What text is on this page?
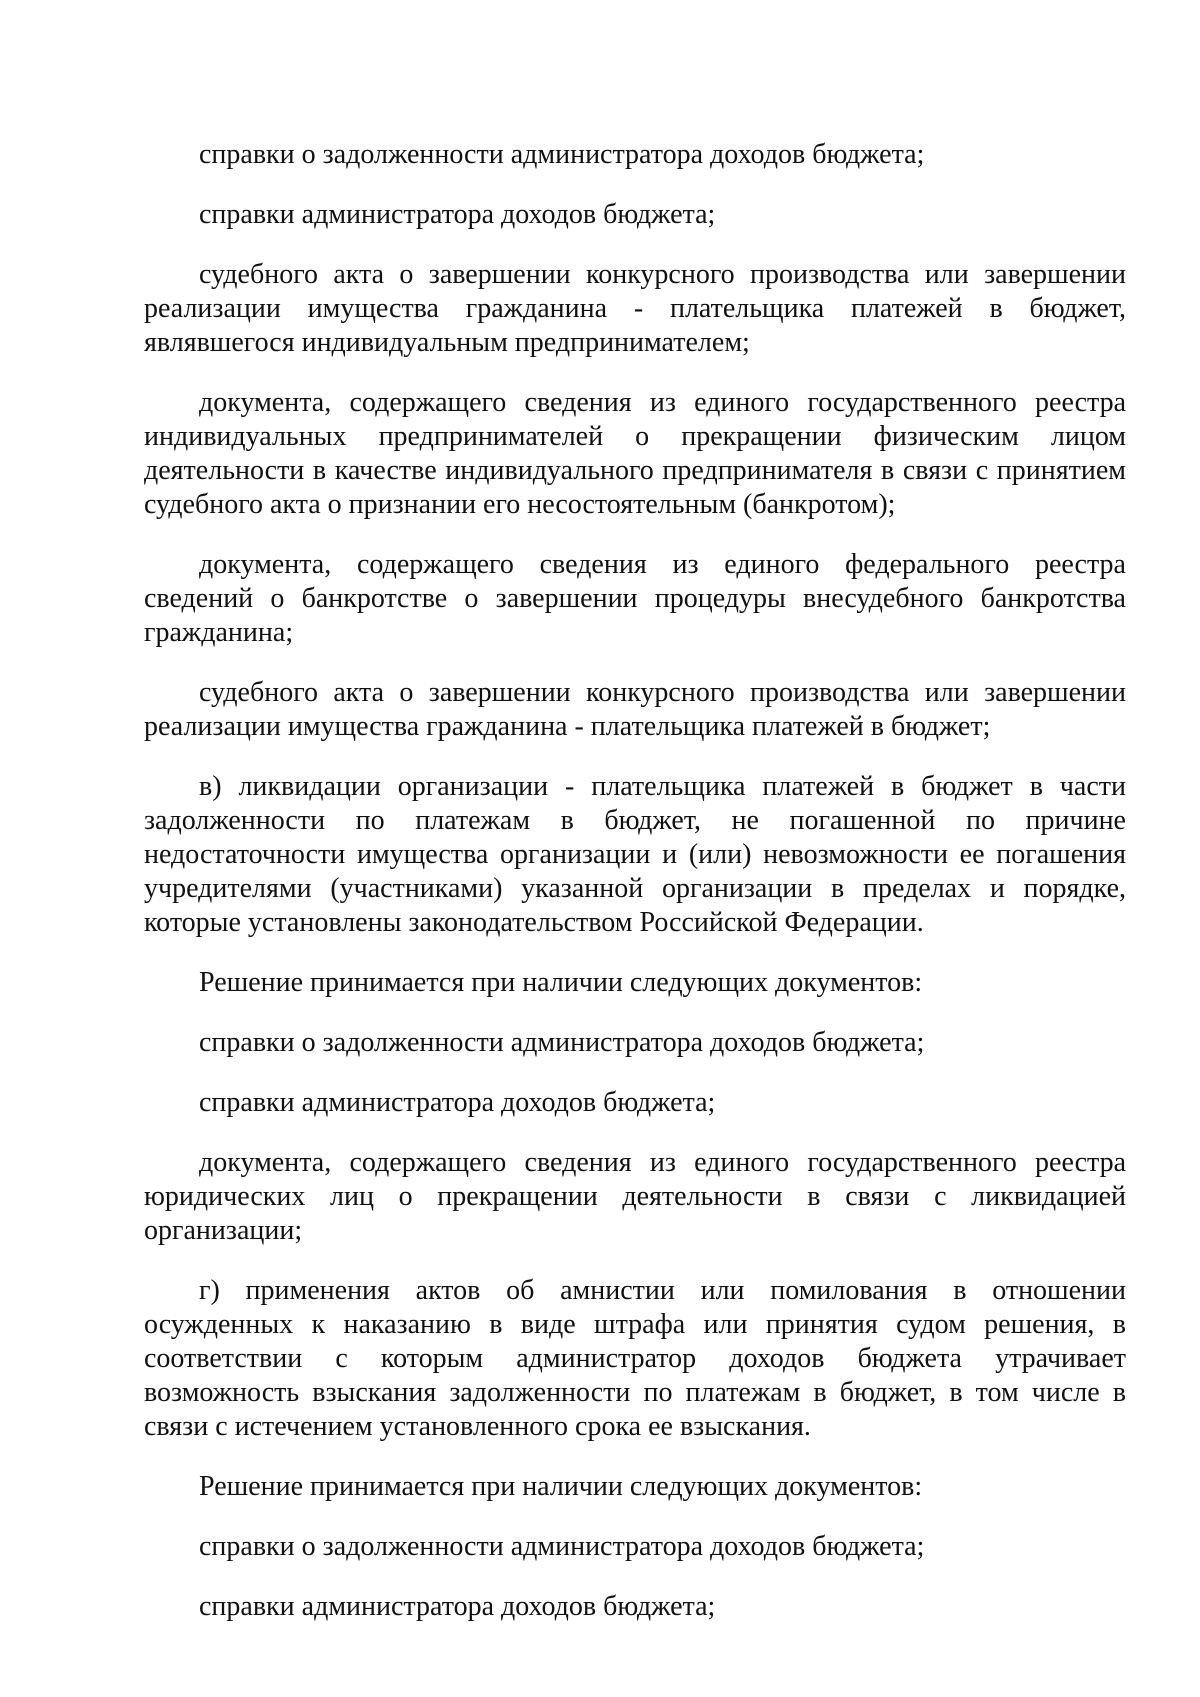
справки о задолженности администратора доходов бюджета;

справки администратора доходов бюджета;

судебного акта о завершении конкурсного производства или завершении реализации имущества гражданина - плательщика платежей в бюджет, являвшегося индивидуальным предпринимателем;

документа, содержащего сведения из единого государственного реестра индивидуальных предпринимателей о прекращении физическим лицом деятельности в качестве индивидуального предпринимателя в связи с принятием судебного акта о признании его несостоятельным (банкротом);

документа, содержащего сведения из единого федерального реестра сведений о банкротстве о завершении процедуры внесудебного банкротства гражданина;

судебного акта о завершении конкурсного производства или завершении реализации имущества гражданина - плательщика платежей в бюджет;

в) ликвидации организации - плательщика платежей в бюджет в части задолженности по платежам в бюджет, не погашенной по причине недостаточности имущества организации и (или) невозможности ее погашения учредителями (участниками) указанной организации в пределах и порядке, которые установлены законодательством Российской Федерации.

Решение принимается при наличии следующих документов:

справки о задолженности администратора доходов бюджета;

справки администратора доходов бюджета;

документа, содержащего сведения из единого государственного реестра юридических лиц о прекращении деятельности в связи с ликвидацией организации;

г) применения актов об амнистии или помилования в отношении осужденных к наказанию в виде штрафа или принятия судом решения, в соответствии с которым администратор доходов бюджета утрачивает возможность взыскания задолженности по платежам в бюджет, в том числе в связи с истечением установленного срока ее взыскания.

Решение принимается при наличии следующих документов:

справки о задолженности администратора доходов бюджета;

справки администратора доходов бюджета;
